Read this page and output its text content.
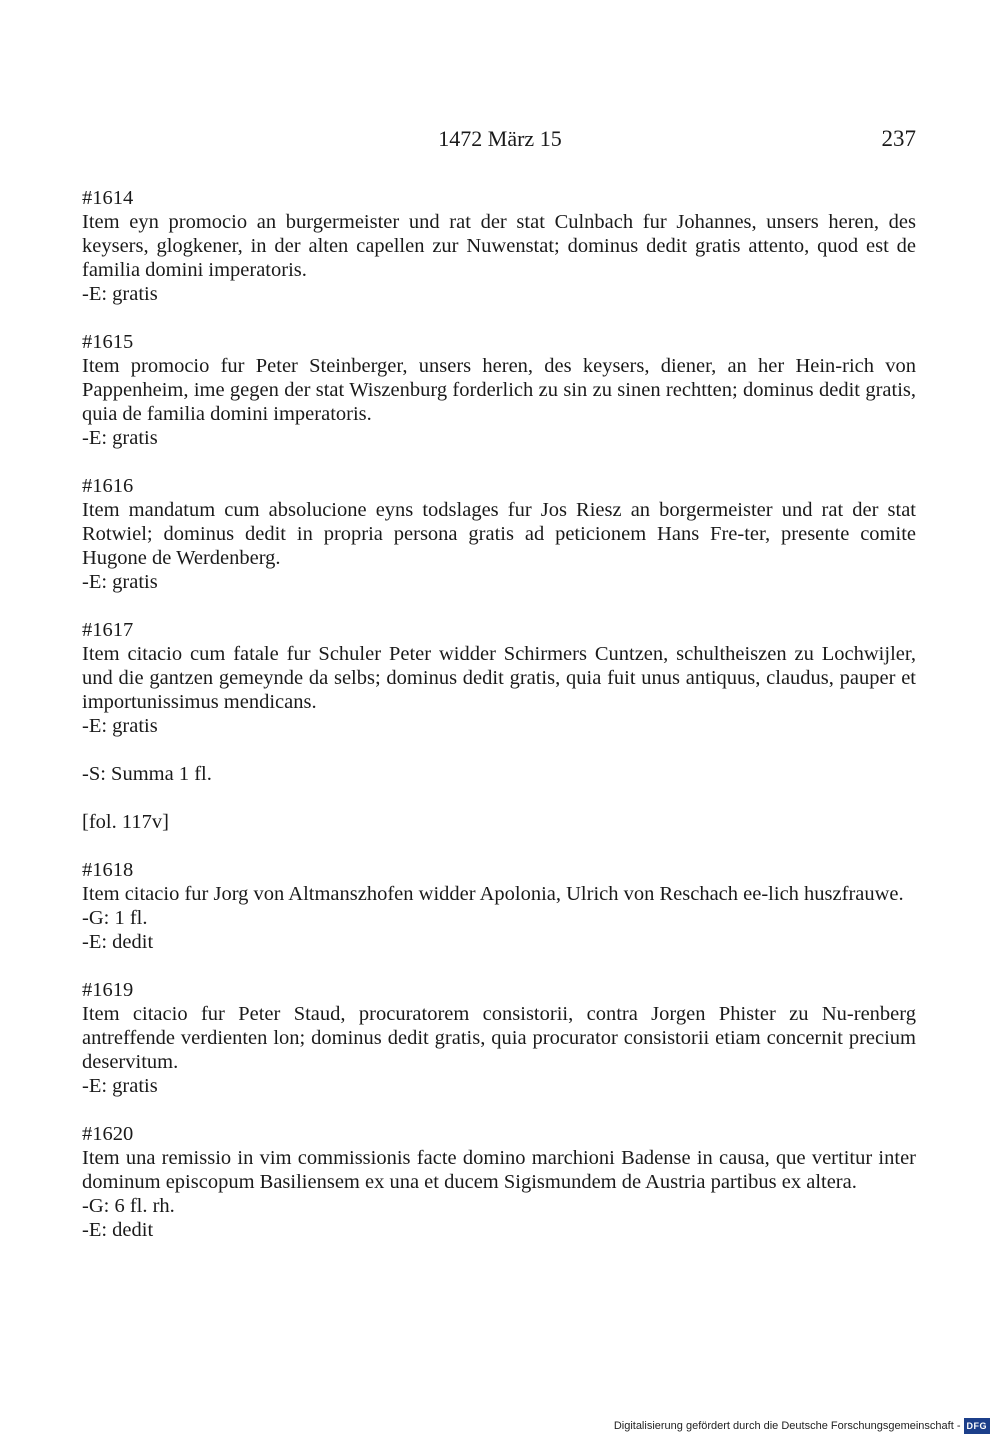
1472 März 15	237
#1614
Item eyn promocio an burgermeister und rat der stat Culnbach fur Johannes, unsers heren, des keysers, glogkener, in der alten capellen zur Nuwenstat; dominus dedit gratis attento, quod est de familia domini imperatoris.
-E: gratis
#1615
Item promocio fur Peter Steinberger, unsers heren, des keysers, diener, an her Hein-rich von Pappenheim, ime gegen der stat Wiszenburg forderlich zu sin zu sinen rechtten; dominus dedit gratis, quia de familia domini imperatoris.
-E: gratis
#1616
Item mandatum cum absolucione eyns todslages fur Jos Riesz an borgermeister und rat der stat Rotwiel; dominus dedit in propria persona gratis ad peticionem Hans Fre-ter, presente comite Hugone de Werdenberg.
-E: gratis
#1617
Item citacio cum fatale fur Schuler Peter widder Schirmers Cuntzen, schultheiszen zu Lochwijler, und die gantzen gemeynde da selbs; dominus dedit gratis, quia fuit unus antiquus, claudus, pauper et importunissimus mendicans.
-E: gratis
-S: Summa 1 fl.
[fol. 117v]
#1618
Item citacio fur Jorg von Altmanszhofen widder Apolonia, Ulrich von Reschach ee-lich huszfrauwe.
-G: 1 fl.
-E: dedit
#1619
Item citacio fur Peter Staud, procuratorem consistorii, contra Jorgen Phister zu Nu-renberg antreffende verdienten lon; dominus dedit gratis, quia procurator consistorii etiam concernit precium deservitum.
-E: gratis
#1620
Item una remissio in vim commissionis facte domino marchioni Badense in causa, que vertitur inter dominum episcopum Basiliensem ex una et ducem Sigismundem de Austria partibus ex altera.
-G: 6 fl. rh.
-E: dedit
Digitalisierung gefördert durch die Deutsche Forschungsgemeinschaft - DFG
